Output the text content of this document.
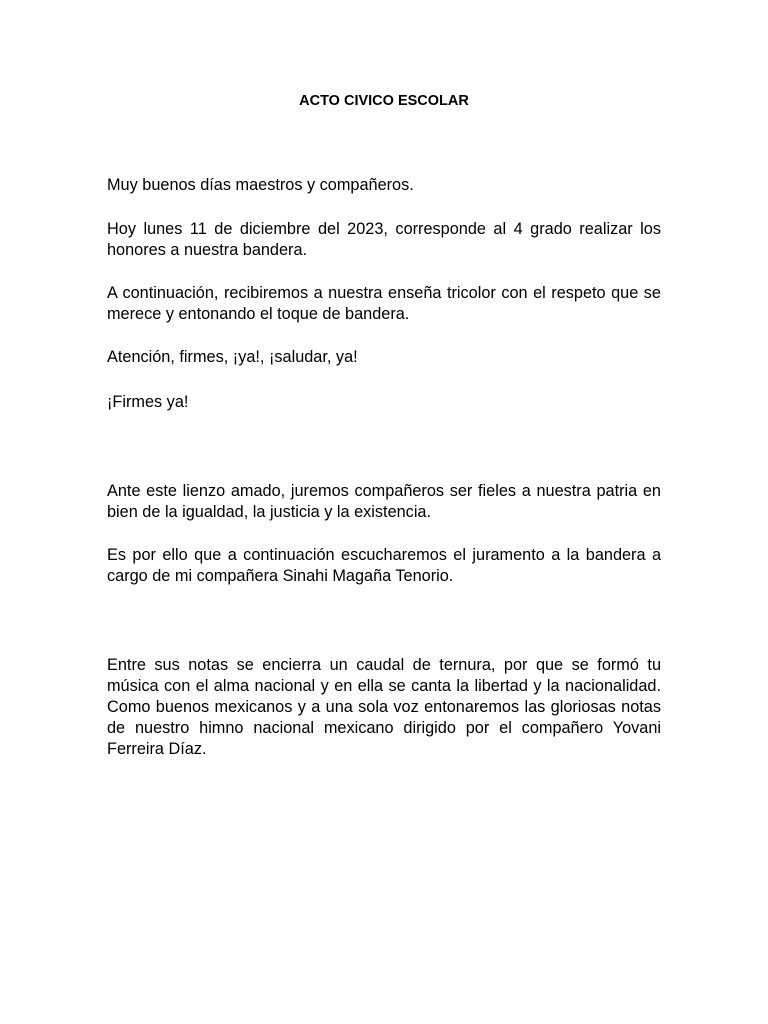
ACTO CIVICO ESCOLAR

Muy buenos días maestros y compañeros.

Hoy lunes 11 de diciembre del 2023, corresponde al 4 grado realizar los honores a nuestra bandera.

A continuación, recibiremos a nuestra enseña tricolor con el respeto que se merece y entonando el toque de bandera.

Atención, firmes, ¡ya!, ¡saludar, ya!

¡Firmes ya!

Ante este lienzo amado, juremos compañeros ser fieles a nuestra patria en bien de la igualdad, la justicia y la existencia.

Es por ello que a continuación escucharemos el juramento a la bandera a cargo de mi compañera Sinahi Magaña Tenorio.

Entre sus notas se encierra un caudal de ternura, por que se formó tu música con el alma nacional y en ella se canta la libertad y la nacionalidad. Como buenos mexicanos y a una sola voz entonaremos las gloriosas notas de nuestro himno nacional mexicano dirigido por el compañero Yovani Ferreira Díaz.
